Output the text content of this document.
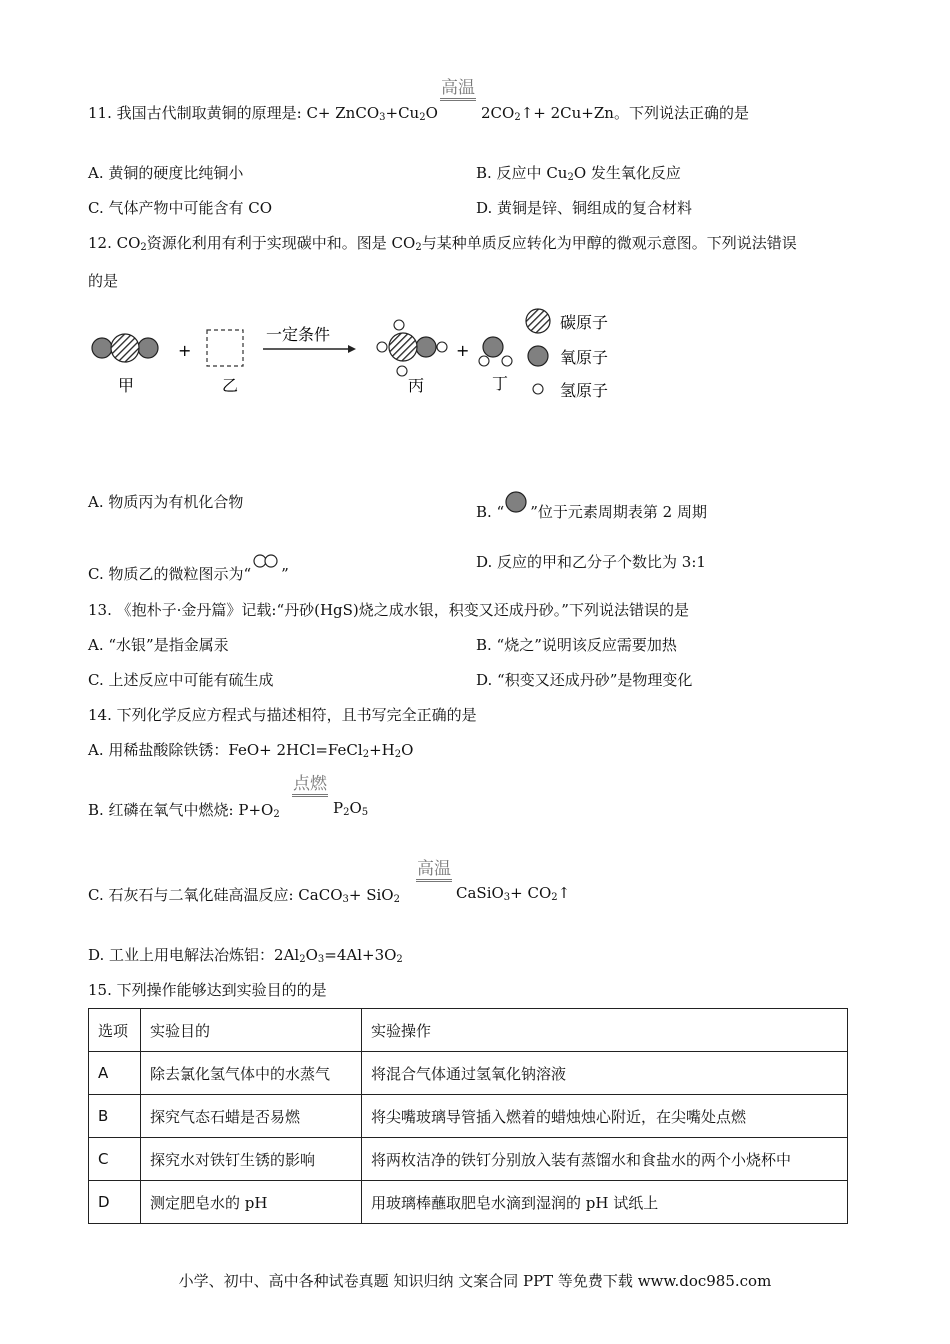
高温
11. 我国古代制取黄铜的原理是: $C+ ZnCO_3+Cu_2O$	$2CO_2↑+ 2Cu+Zn$。下列说法正确的是
A. 黄铜的硬度比纯铜小	B. 反应中 $Cu_2O$ 发生氧化反应
C. 气体产物中可能含有 CO	D. 黄铜是锌、铜组成的复合材料
12. $CO_2$资源化利用有利于实现碳中和。图是 $CO_2$与某种单质反应转化为甲醇的微观示意图。下列说法错误
的是
甲
+
乙
一定条件
丙
+
丁
碳原子
氧原子
氢原子
A. 物质丙为有机化合物
B. “ ”位于元素周期表第 2 周期
C. 物质乙的微粒图示为“ ”
D. 反应的甲和乙分子个数比为 3:1
13. 《抱朴子·金丹篇》记载:“丹砂(HgS)烧之成水银，积变又还成丹砂。”下列说法错误的是
A. “水银”是指金属汞	B. “烧之”说明该反应需要加热
C. 上述反应中可能有硫生成	D. “积变又还成丹砂”是物理变化
14. 下列化学反应方程式与描述相符，且书写完全正确的是
A. 用稀盐酸除铁锈：$FeO+ 2HCl=FeCl_2+H_2O$
点燃
B. 红磷在氧气中燃烧: $P+O_2$	$P_2O_5$
高温
C. 石灰石与二氧化硅高温反应: CaCO$_3$+ SiO$_2$	CaSiO$_3$+ $CO_2↑$
D. 工业上用电解法冶炼铝：$2Al_2O_3=4Al+3O_2$
15. 下列操作能够达到实验目的的是
选项	实验目的	实验操作
A	除去氯化氢气体中的水蒸气	将混合气体通过氢氧化钠溶液
B	探究气态石蜡是否易燃	将尖嘴玻璃导管插入燃着的蜡烛烛心附近，在尖嘴处点燃
C	探究水对铁钉生锈的影响	将两枚洁净的铁钉分别放入装有蒸馏水和食盐水的两个小烧杯中
D	测定肥皂水的 pH	用玻璃棒蘸取肥皂水滴到湿润的 pH 试纸上
小学、初中、高中各种试卷真题 知识归纳 文案合同 PPT 等免费下载 www.doc985.com
